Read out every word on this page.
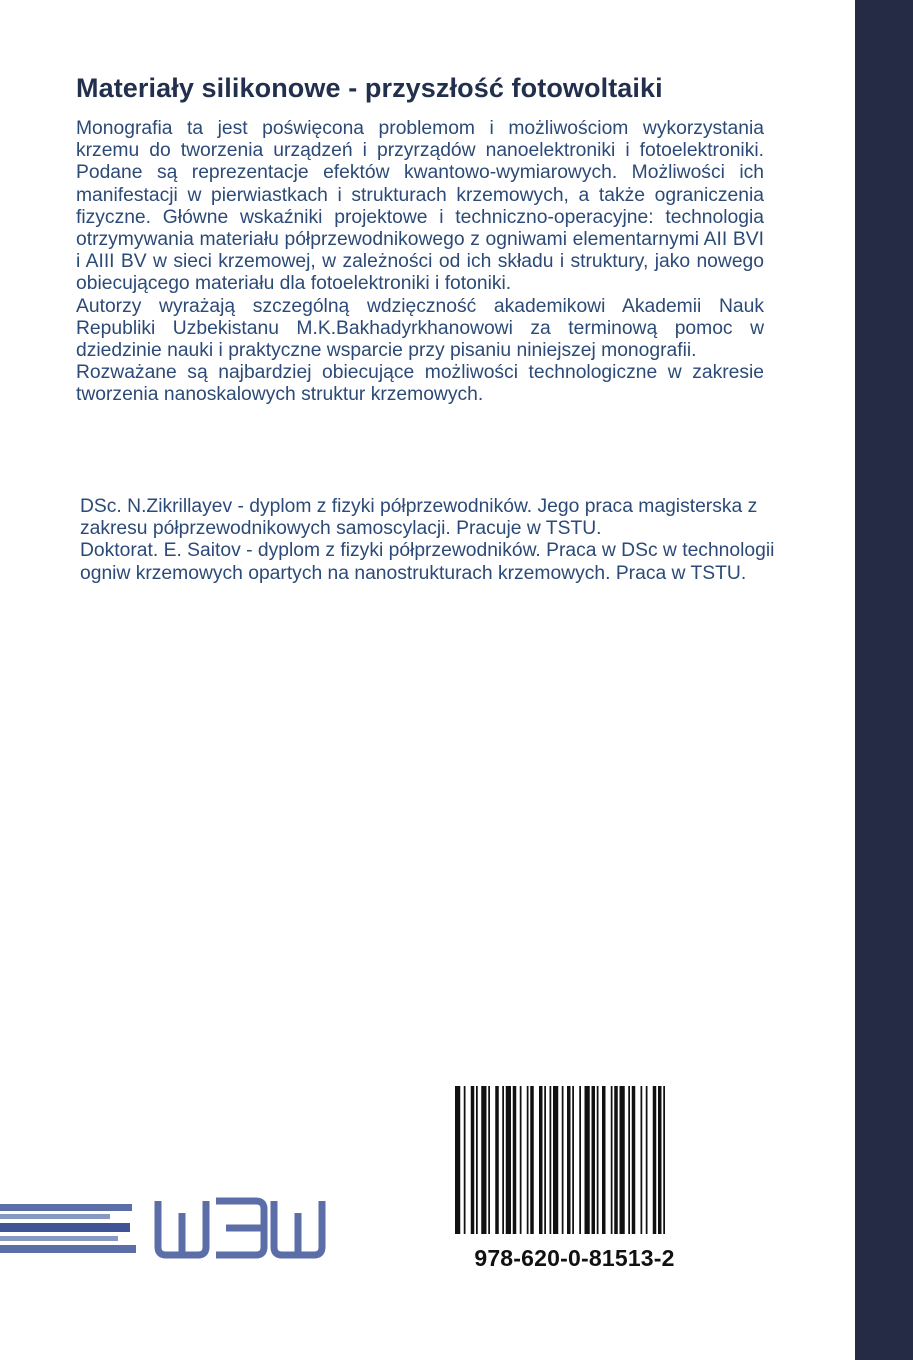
Materiały silikonowe - przyszłość fotowoltaiki

Monografia ta jest poświęcona problemom i możliwościom wykorzystania krzemu do tworzenia urządzeń i przyrządów nanoelektroniki i fotoelektroniki. Podane są reprezentacje efektów kwantowo-wymiarowych. Możliwości ich manifestacji w pierwiastkach i strukturach krzemowych, a także ograniczenia fizyczne. Główne wskaźniki projektowe i techniczno-operacyjne: technologia otrzymywania materiału półprzewodnikowego z ogniwami elementarnymi AII BVI i AIII BV w sieci krzemowej, w zależności od ich składu i struktury, jako nowego obiecującego materiału dla fotoelektroniki i fotoniki.

Autorzy wyrażają szczególną wdzięczność akademikowi Akademii Nauk Republiki Uzbekistanu M.K.Bakhadyrkhanowowi za terminową pomoc w dziedzinie nauki i praktyczne wsparcie przy pisaniu niniejszej monografii.

Rozważane są najbardziej obiecujące możliwości technologiczne w zakresie tworzenia nanoskalowych struktur krzemowych.

DSc. N.Zikrillayev - dyplom z fizyki półprzewodników. Jego praca magisterska z zakresu półprzewodnikowych samoscylacji. Pracuje w TSTU.

Doktorat. E. Saitov - dyplom z fizyki półprzewodników. Praca w DSc w technologii ogniw krzemowych opartych na nanostrukturach krzemowych. Praca w TSTU.

978-620-0-81513-2
